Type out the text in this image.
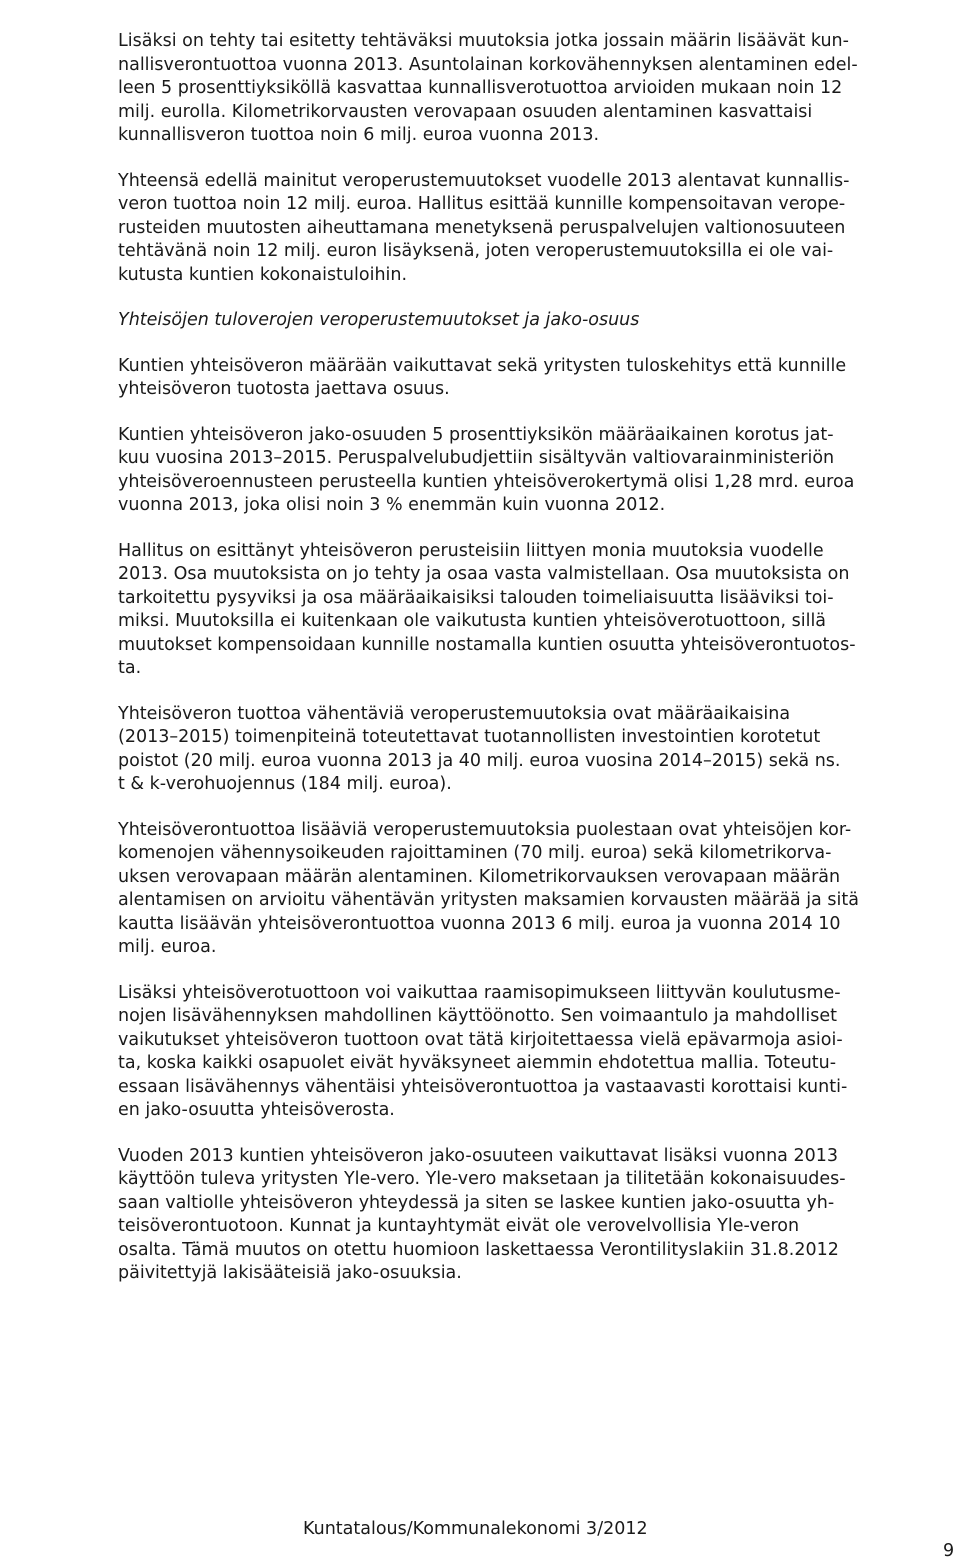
Lisäksi on tehty tai esitetty tehtäväksi muutoksia jotka jossain määrin lisäävät kun-
nallisverontuottoa vuonna 2013. Asuntolainan korkovähennyksen alentaminen edel-
leen 5 prosenttiyksiköllä kasvattaa kunnallisverotuottoa arvioiden mukaan noin 12
milj. eurolla. Kilometrikorvausten verovapaan osuuden alentaminen kasvattaisi
kunnallisveron tuottoa noin 6 milj. euroa vuonna 2013.

Yhteensä edellä mainitut veroperustemuutokset vuodelle 2013 alentavat kunnallis-
veron tuottoa noin 12 milj. euroa. Hallitus esittää kunnille kompensoitavan verope-
rusteiden muutosten aiheuttamana menetyksenä peruspalvelujen valtionosuuteen
tehtävänä noin 12 milj. euron lisäyksenä, joten veroperustemuutoksilla ei ole vai-
kutusta kuntien kokonaistuloihin.

Yhteisöjen tuloverojen veroperustemuutokset ja jako-osuus

Kuntien yhteisöveron määrään vaikuttavat sekä yritysten tuloskehitys että kunnille
yhteisöveron tuotosta jaettava osuus.

Kuntien yhteisöveron jako-osuuden 5 prosenttiyksikön määräaikainen korotus jat-
kuu vuosina 2013–2015. Peruspalvelubudjettiin sisältyvän valtiovarainministeriön
yhteisöveroennusteen perusteella kuntien yhteisöverokertymä olisi 1,28 mrd. euroa
vuonna 2013, joka olisi noin 3 % enemmän kuin vuonna 2012.

Hallitus on esittänyt yhteisöveron perusteisiin liittyen monia muutoksia vuodelle
2013. Osa muutoksista on jo tehty ja osaa vasta valmistellaan. Osa muutoksista on
tarkoitettu pysyviksi ja osa määräaikaisiksi talouden toimeliaisuutta lisääviksi toi-
miksi. Muutoksilla ei kuitenkaan ole vaikutusta kuntien yhteisöverotuottoon, sillä
muutokset kompensoidaan kunnille nostamalla kuntien osuutta yhteisöverontuotos-
ta.

Yhteisöveron tuottoa vähentäviä veroperustemuutoksia ovat määräaikaisina
(2013–2015) toimenpiteinä toteutettavat tuotannollisten investointien korotetut
poistot (20 milj. euroa vuonna 2013 ja 40 milj. euroa vuosina 2014–2015) sekä ns.
t & k-verohuojennus (184 milj. euroa).

Yhteisöverontuottoa lisääviä veroperustemuutoksia puolestaan ovat yhteisöjen kor-
komenojen vähennysoikeuden rajoittaminen (70 milj. euroa) sekä kilometrikorva-
uksen verovapaan määrän alentaminen. Kilometrikorvauksen verovapaan määrän
alentamisen on arvioitu vähentävän yritysten maksamien korvausten määrää ja sitä
kautta lisäävän yhteisöverontuottoa vuonna 2013 6 milj. euroa ja vuonna 2014 10
milj. euroa.

Lisäksi yhteisöverotuottoon voi vaikuttaa raamisopimukseen liittyvän koulutusme-
nojen lisävähennyksen mahdollinen käyttöönotto. Sen voimaantulo ja mahdolliset
vaikutukset yhteisöveron tuottoon ovat tätä kirjoitettaessa vielä epävarmoja asioi-
ta, koska kaikki osapuolet eivät hyväksyneet aiemmin ehdotettua mallia. Toteutu-
essaan lisävähennys vähentäisi yhteisöverontuottoa ja vastaavasti korottaisi kunti-
en jako-osuutta yhteisöverosta.

Vuoden 2013 kuntien yhteisöveron jako-osuuteen vaikuttavat lisäksi vuonna 2013
käyttöön tuleva yritysten Yle-vero. Yle-vero maksetaan ja tilitetään kokonaisuudes-
saan valtiolle yhteisöveron yhteydessä ja siten se laskee kuntien jako-osuutta yh-
teisöverontuotoon. Kunnat ja kuntayhtymät eivät ole verovelvollisia Yle-veron
osalta. Tämä muutos on otettu huomioon laskettaessa Verontilityslakiin 31.8.2012
päivitettyjä lakisääteisiä jako-osuuksia.

Kuntatalous/Kommunalekonomi 3/2012

9
